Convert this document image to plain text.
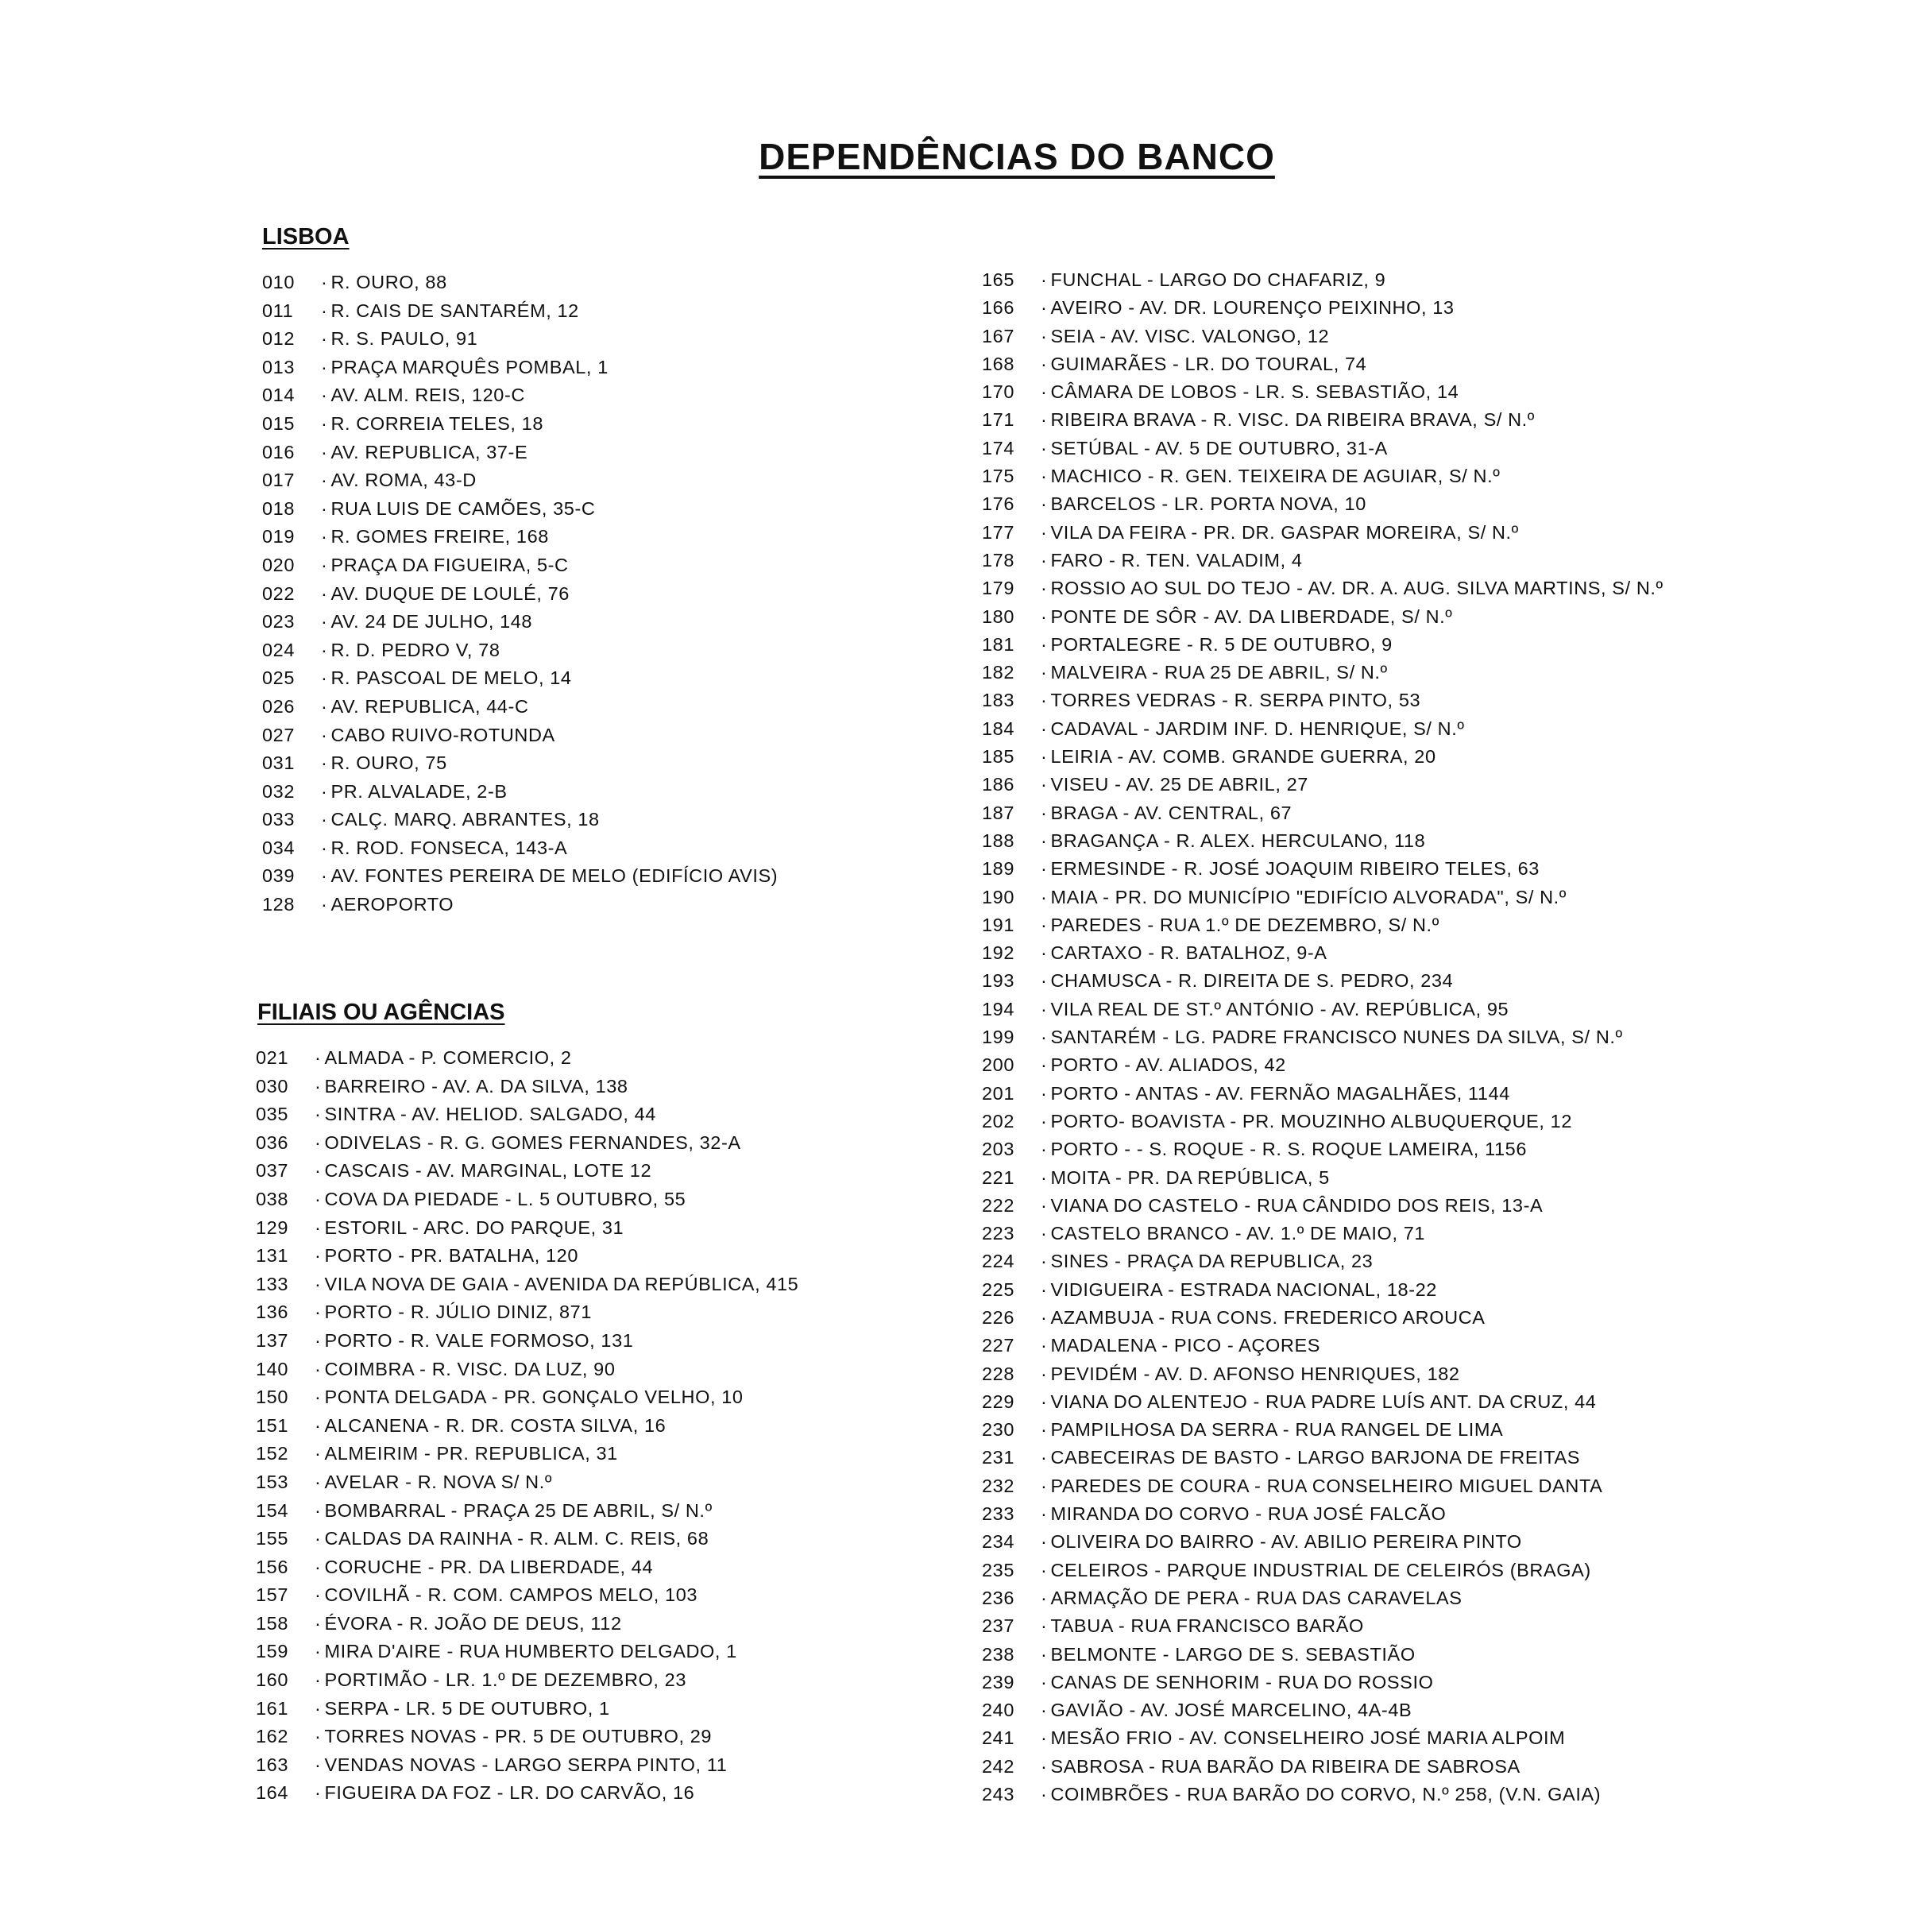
DEPENDÊNCIAS DO BANCO
LISBOA
010 · R. OURO, 88
011 · R. CAIS DE SANTARÉM, 12
012 · R. S. PAULO, 91
013 · PRAÇA MARQUÊS POMBAL, 1
014 · AV. ALM. REIS, 120-C
015 · R. CORREIA TELES, 18
016 · AV. REPUBLICA, 37-E
017 · AV. ROMA, 43-D
018 · RUA LUIS DE CAMÕES, 35-C
019 · R. GOMES FREIRE, 168
020 · PRAÇA DA FIGUEIRA, 5-C
022 · AV. DUQUE DE LOULÉ, 76
023 · AV. 24 DE JULHO, 148
024 · R. D. PEDRO V, 78
025 · R. PASCOAL DE MELO, 14
026 · AV. REPUBLICA, 44-C
027 · CABO RUIVO-ROTUNDA
031 · R. OURO, 75
032 · PR. ALVALADE, 2-B
033 · CALÇ. MARQ. ABRANTES, 18
034 · R. ROD. FONSECA, 143-A
039 · AV. FONTES PEREIRA DE MELO (EDIFÍCIO AVIS)
128 · AEROPORTO
FILIAIS OU AGÊNCIAS
021 · ALMADA - P. COMERCIO, 2
030 · BARREIRO - AV. A. DA SILVA, 138
035 · SINTRA - AV. HELIOD. SALGADO, 44
036 · ODIVELAS - R. G. GOMES FERNANDES, 32-A
037 · CASCAIS - AV. MARGINAL, LOTE 12
038 · COVA DA PIEDADE - L. 5 OUTUBRO, 55
129 · ESTORIL - ARC. DO PARQUE, 31
131 · PORTO - PR. BATALHA, 120
133 · VILA NOVA DE GAIA - AVENIDA DA REPÚBLICA, 415
136 · PORTO - R. JÚLIO DINIZ, 871
137 · PORTO - R. VALE FORMOSO, 131
140 · COIMBRA - R. VISC. DA LUZ, 90
150 · PONTA DELGADA - PR. GONÇALO VELHO, 10
151 · ALCANENA - R. DR. COSTA SILVA, 16
152 · ALMEIRIM - PR. REPUBLICA, 31
153 · AVELAR - R. NOVA S/ N.º
154 · BOMBARRAL - PRAÇA 25 DE ABRIL, S/ N.º
155 · CALDAS DA RAINHA - R. ALM. C. REIS, 68
156 · CORUCHE - PR. DA LIBERDADE, 44
157 · COVILHÃ - R. COM. CAMPOS MELO, 103
158 · ÉVORA - R. JOÃO DE DEUS, 112
159 · MIRA D'AIRE - RUA HUMBERTO DELGADO, 1
160 · PORTIMÃO - LR. 1.º DE DEZEMBRO, 23
161 · SERPA - LR. 5 DE OUTUBRO, 1
162 · TORRES NOVAS - PR. 5 DE OUTUBRO, 29
163 · VENDAS NOVAS - LARGO SERPA PINTO, 11
164 · FIGUEIRA DA FOZ - LR. DO CARVÃO, 16
165 · FUNCHAL - LARGO DO CHAFARIZ, 9
166 · AVEIRO - AV. DR. LOURENÇO PEIXINHO, 13
167 · SEIA - AV. VISC. VALONGO, 12
168 · GUIMARÃES - LR. DO TOURAL, 74
170 · CÂMARA DE LOBOS - LR. S. SEBASTIÃO, 14
171 · RIBEIRA BRAVA - R. VISC. DA RIBEIRA BRAVA, S/ N.º
174 · SETÚBAL - AV. 5 DE OUTUBRO, 31-A
175 · MACHICO - R. GEN. TEIXEIRA DE AGUIAR, S/ N.º
176 · BARCELOS - LR. PORTA NOVA, 10
177 · VILA DA FEIRA - PR. DR. GASPAR MOREIRA, S/ N.º
178 · FARO - R. TEN. VALADIM, 4
179 · ROSSIO AO SUL DO TEJO - AV. DR. A. AUG. SILVA MARTINS, S/ N.º
180 · PONTE DE SÔR - AV. DA LIBERDADE, S/ N.º
181 · PORTALEGRE - R. 5 DE OUTUBRO, 9
182 · MALVEIRA - RUA 25 DE ABRIL, S/ N.º
183 · TORRES VEDRAS - R. SERPA PINTO, 53
184 · CADAVAL - JARDIM INF. D. HENRIQUE, S/ N.º
185 · LEIRIA - AV. COMB. GRANDE GUERRA, 20
186 · VISEU - AV. 25 DE ABRIL, 27
187 · BRAGA - AV. CENTRAL, 67
188 · BRAGANÇA - R. ALEX. HERCULANO, 118
189 · ERMESINDE - R. JOSÉ JOAQUIM RIBEIRO TELES, 63
190 · MAIA - PR. DO MUNICÍPIO "EDIFÍCIO ALVORADA", S/ N.º
191 · PAREDES - RUA 1.º DE DEZEMBRO, S/ N.º
192 · CARTAXO - R. BATALHOZ, 9-A
193 · CHAMUSCA - R. DIREITA DE S. PEDRO, 234
194 · VILA REAL DE ST.º ANTÓNIO - AV. REPÚBLICA, 95
199 · SANTARÉM - LG. PADRE FRANCISCO NUNES DA SILVA, S/ N.º
200 · PORTO - AV. ALIADOS, 42
201 · PORTO - ANTAS - AV. FERNÃO MAGALHÃES, 1144
202 · PORTO- BOAVISTA - PR. MOUZINHO ALBUQUERQUE, 12
203 · PORTO - - S. ROQUE - R. S. ROQUE LAMEIRA, 1156
221 · MOITA - PR. DA REPÚBLICA, 5
222 · VIANA DO CASTELO - RUA CÂNDIDO DOS REIS, 13-A
223 · CASTELO BRANCO - AV. 1.º DE MAIO, 71
224 · SINES - PRAÇA DA REPUBLICA, 23
225 · VIDIGUEIRA - ESTRADA NACIONAL, 18-22
226 · AZAMBUJA - RUA CONS. FREDERICO AROUCA
227 · MADALENA - PICO - AÇORES
228 · PEVIDÉM - AV. D. AFONSO HENRIQUES, 182
229 · VIANA DO ALENTEJO - RUA PADRE LUÍS ANT. DA CRUZ, 44
230 · PAMPILHOSA DA SERRA - RUA RANGEL DE LIMA
231 · CABECEIRAS DE BASTO - LARGO BARJONA DE FREITAS
232 · PAREDES DE COURA - RUA CONSELHEIRO MIGUEL DANTA
233 · MIRANDA DO CORVO - RUA JOSÉ FALCÃO
234 · OLIVEIRA DO BAIRRO - AV. ABILIO PEREIRA PINTO
235 · CELEIROS - PARQUE INDUSTRIAL DE CELEIRÓS (BRAGA)
236 · ARMAÇÃO DE PERA - RUA DAS CARAVELAS
237 · TABUA - RUA FRANCISCO BARÃO
238 · BELMONTE - LARGO DE S. SEBASTIÃO
239 · CANAS DE SENHORIM - RUA DO ROSSIO
240 · GAVIÃO - AV. JOSÉ MARCELINO, 4A-4B
241 · MESÃO FRIO - AV. CONSELHEIRO JOSÉ MARIA ALPOIM
242 · SABROSA - RUA BARÃO DA RIBEIRA DE SABROSA
243 · COIMBRÕES - RUA BARÃO DO CORVO, N.º 258, (V.N. GAIA)
